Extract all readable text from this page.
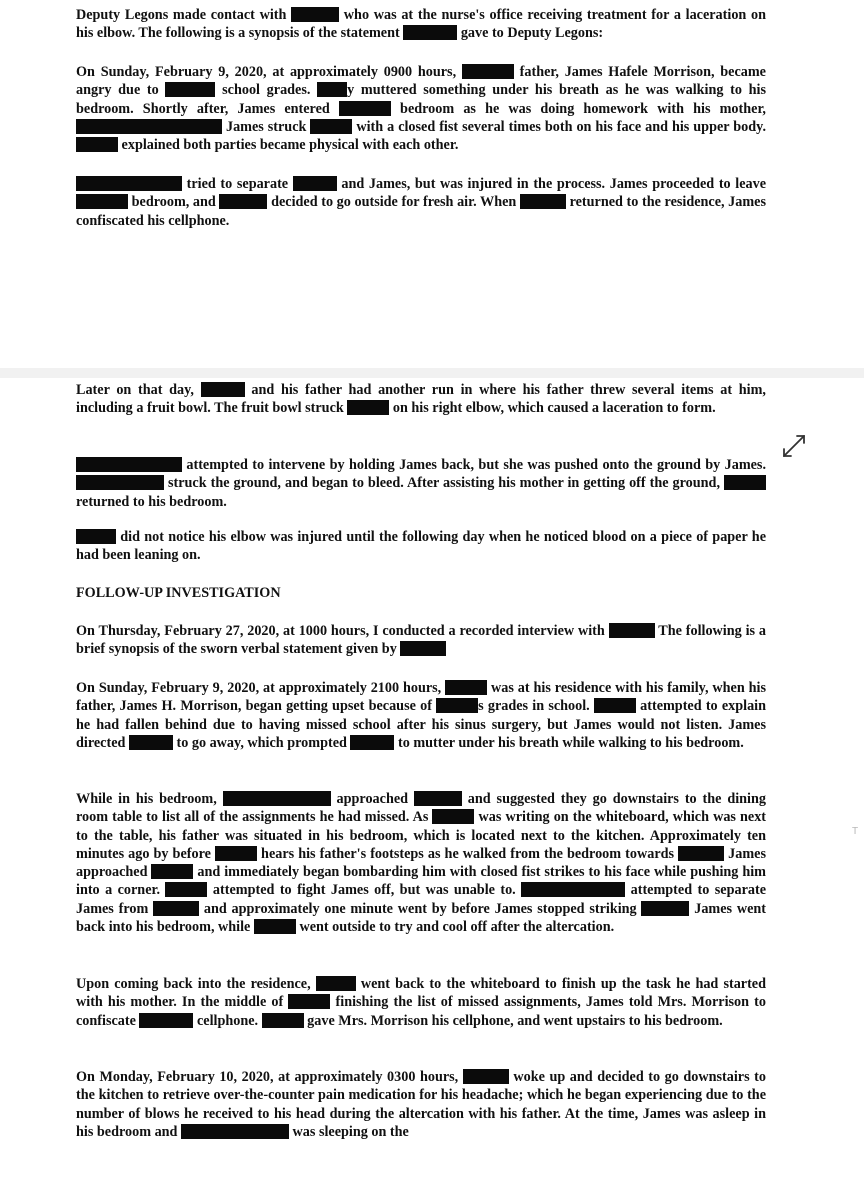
Deputy Legons made contact with	who was at the nurse's office receiving treatment for a laceration on his elbow. The following is a synopsis of the statement	gave to Deputy Legons:

On Sunday, February 9, 2020, at approximately 0900 hours,	father, James Hafele Morrison, became angry due to	school grades. y muttered something under his breath as he was walking to his bedroom. Shortly after, James entered	bedroom as he was doing homework with his mother,  James struck	with a closed fist several times both on his face and his upper body.  explained both parties became physical with each other.

tried to separate	and James, but was injured in the process. James proceeded to leave  bedroom, and	decided to go outside for fresh air. When	returned to the residence, James confiscated his cellphone.

Later on that day,	and his father had another run in where his father threw several items at him, including a fruit bowl. The fruit bowl struck	on his right elbow, which caused a laceration to form.

attempted to intervene by holding James back, but she was pushed onto the ground by James.  struck the ground, and began to bleed. After assisting his mother in getting off the ground,  returned to his bedroom.

did not notice his elbow was injured until the following day when he noticed blood on a piece of paper he had been leaning on.

FOLLOW-UP INVESTIGATION

On Thursday, February 27, 2020, at 1000 hours, I conducted a recorded interview with	The following is a brief synopsis of the sworn verbal statement given by

On Sunday, February 9, 2020, at approximately 2100 hours,	was at his residence with his family, when his father, James H. Morrison, began getting upset because of	s grades in school.	attempted to explain he had fallen behind due to having missed school after his sinus surgery, but James would not listen. James directed	to go away, which prompted	to mutter under his breath while walking to his bedroom.

While in his bedroom,	approached	and suggested they go downstairs to the dining room table to list all of the assignments he had missed. As	was writing on the whiteboard, which was next to the table, his father was situated in his bedroom, which is located next to the kitchen. Approximately ten minutes ago by before	hears his father's footsteps as he walked from the bedroom towards	James approached	and immediately began bombarding him with closed fist strikes to his face while pushing him into a corner.	attempted to fight James off, but was unable to.	attempted to separate James from	and approximately one minute went by before James stopped striking	James went back into his bedroom, while	went outside to try and cool off after the altercation.

Upon coming back into the residence,	went back to the whiteboard to finish up the task he had started with his mother. In the middle of	finishing the list of missed assignments, James told Mrs. Morrison to confiscate	cellphone.	gave Mrs. Morrison his cellphone, and went upstairs to his bedroom.

On Monday, February 10, 2020, at approximately 0300 hours,	woke up and decided to go downstairs to the kitchen to retrieve over-the-counter pain medication for his headache; which he began experiencing due to the number of blows he received to his head during the altercation with his father. At the time, James was asleep in his bedroom and	was sleeping on the

T
